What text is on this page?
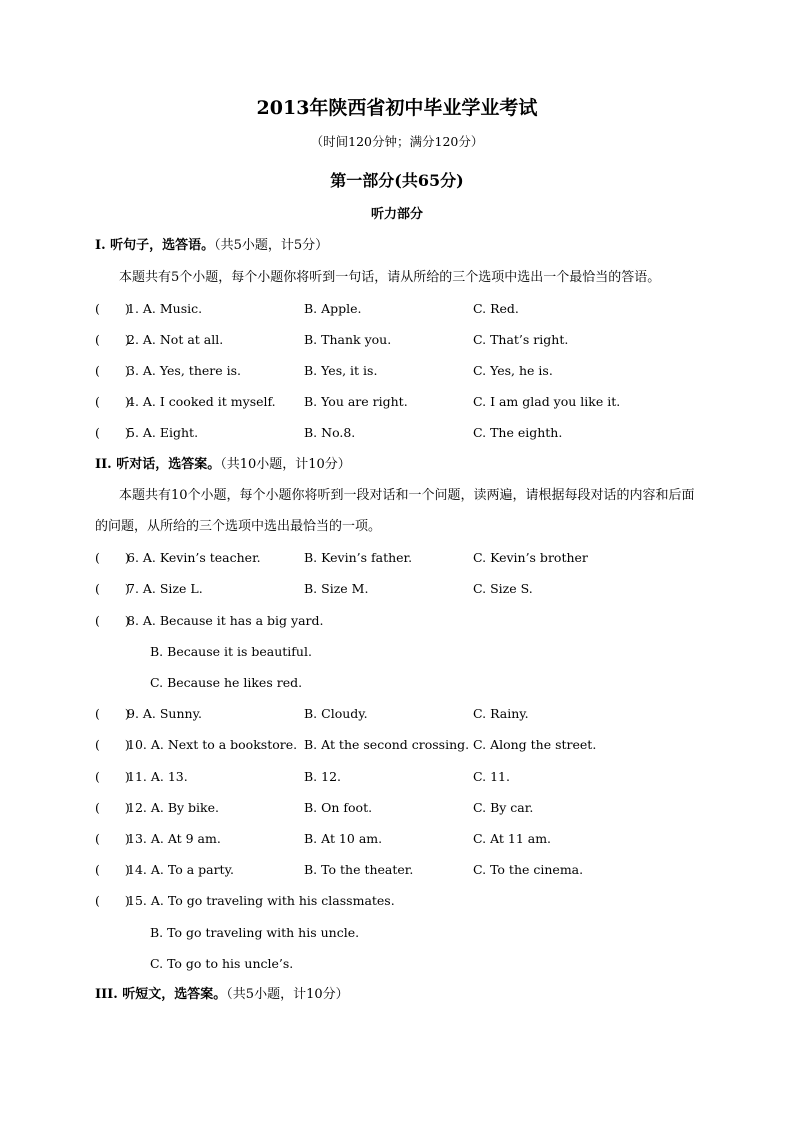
2013年陕西省初中毕业学业考试
（时间120分钟；满分120分）
第一部分(共65分)
听力部分
I. 听句子，选答语。（共5小题，计5分）
本题共有5个小题，每个小题你将听到一句话，请从所给的三个选项中选出一个最恰当的答语。
(　　)
1. A. Music.	B. Apple.	C. Red.
(　　)
2. A. Not at all.	B. Thank you.	C. That’s right.
(　　)
3. A. Yes, there is.	B. Yes, it is.	C. Yes, he is.
(　　)
4. A. I cooked it myself. B. You are right.	C. I am glad you like it.
(　　)
5. A. Eight.	B. No.8.	C. The eighth.
II. 听对话，选答案。（共10小题，计10分）
本题共有10个小题，每个小题你将听到一段对话和一个问题，读两遍，请根据每段对话的内容和后面的问题，从所给的三个选项中选出最恰当的一项。
(　　)
6. A. Kevin’s teacher.	B. Kevin’s father.	C. Kevin’s brother
(　　)
7. A. Size L.	B. Size M.	C. Size S.
(　　)
8. A. Because it has a big yard.
B. Because it is beautiful.
C. Because he likes red.
(　　)
9. A. Sunny.	B. Cloudy.	C. Rainy.
(　　)
10. A. Next to a bookstore. B. At the second crossing. C. Along the street.
(　　)
11. A. 13.	B. 12.	C. 11.
(　　)
12. A. By bike.	B. On foot.	C. By car.
(　　)
13. A. At 9 am.	B. At 10 am.	C. At 11 am.
(　　)
14. A. To a party.	B. To the theater.	C. To the cinema.
(　　)
15. A. To go traveling with his classmates.
B. To go traveling with his uncle.
C. To go to his uncle’s.
III. 听短文，选答案。（共5小题，计10分）
